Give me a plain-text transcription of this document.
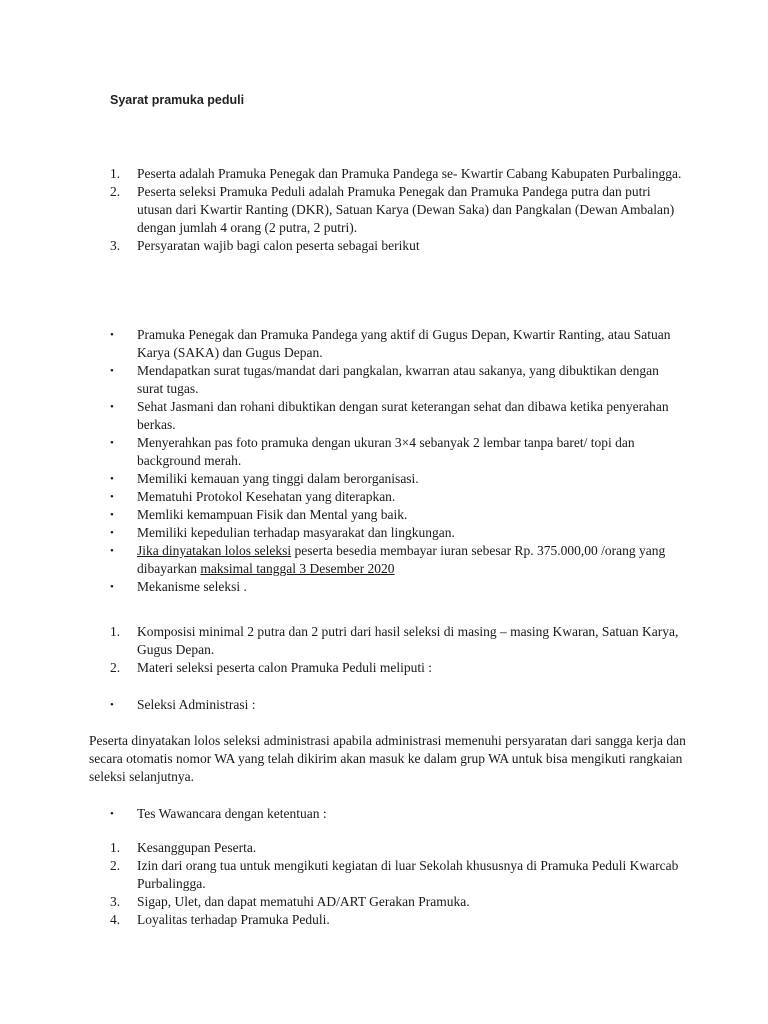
Syarat pramuka peduli
1. Peserta adalah Pramuka Penegak dan Pramuka Pandega se- Kwartir Cabang Kabupaten Purbalingga.
2. Peserta seleksi Pramuka Peduli adalah Pramuka Penegak dan Pramuka Pandega putra dan putri utusan dari Kwartir Ranting (DKR), Satuan Karya (Dewan Saka) dan Pangkalan (Dewan Ambalan) dengan jumlah 4 orang (2 putra, 2 putri).
3. Persyaratan wajib bagi calon peserta sebagai berikut
• Pramuka Penegak dan Pramuka Pandega yang aktif di Gugus Depan, Kwartir Ranting, atau Satuan Karya (SAKA) dan Gugus Depan.
• Mendapatkan surat tugas/mandat dari pangkalan, kwarran atau sakanya, yang dibuktikan dengan surat tugas.
• Sehat Jasmani dan rohani dibuktikan dengan surat keterangan sehat dan dibawa ketika penyerahan berkas.
• Menyerahkan pas foto pramuka dengan ukuran 3×4 sebanyak 2 lembar tanpa baret/ topi dan background merah.
• Memiliki kemauan yang tinggi dalam berorganisasi.
• Mematuhi Protokol Kesehatan yang diterapkan.
• Memliki kemampuan Fisik dan Mental yang baik.
• Memiliki kepedulian terhadap masyarakat dan lingkungan.
• Jika dinyatakan lolos seleksi peserta besedia membayar iuran sebesar Rp. 375.000,00 /orang yang dibayarkan maksimal tanggal 3 Desember 2020
• Mekanisme seleksi .
1. Komposisi minimal 2 putra dan 2 putri dari hasil seleksi di masing – masing Kwaran, Satuan Karya, Gugus Depan.
2. Materi seleksi peserta calon Pramuka Peduli meliputi :
• Seleksi Administrasi :
Peserta dinyatakan lolos seleksi administrasi apabila administrasi memenuhi persyaratan dari sangga kerja dan secara otomatis nomor WA yang telah dikirim akan masuk ke dalam grup WA untuk bisa mengikuti rangkaian seleksi selanjutnya.
• Tes Wawancara dengan ketentuan :
1. Kesanggupan Peserta.
2. Izin dari orang tua untuk mengikuti kegiatan di luar Sekolah khususnya di Pramuka Peduli Kwarcab Purbalingga.
3. Sigap, Ulet, dan dapat mematuhi AD/ART Gerakan Pramuka.
4. Loyalitas terhadap Pramuka Peduli.
